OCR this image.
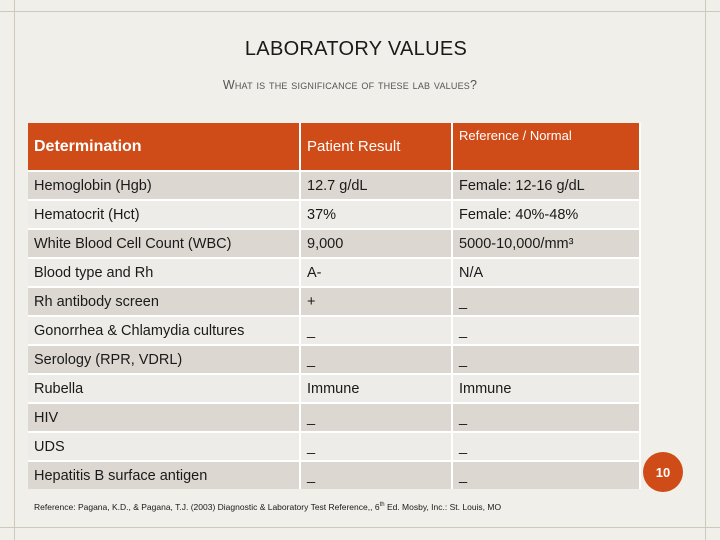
LABORATORY VALUES
What is the significance of these lab values?
Determination	Patient Result	Reference / Normal
Hemoglobin (Hgb)	12.7 g/dL	Female: 12-16 g/dL
Hematocrit (Hct)	37%	Female: 40%-48%
White Blood Cell Count (WBC)	9,000	5000-10,000/mm³
Blood type and Rh	A-	N/A
Rh antibody screen	+	_
Gonorrhea & Chlamydia cultures	_	_
Serology (RPR, VDRL)	_	_
Rubella	Immune	Immune
HIV	_	_
UDS	_	_
Hepatitis B surface antigen	_	_	10
Reference: Pagana, K.D., & Pagana, T.J. (2003) Diagnostic & Laboratory Test Reference,, 6th Ed. Mosby, Inc.: St. Louis, MO
